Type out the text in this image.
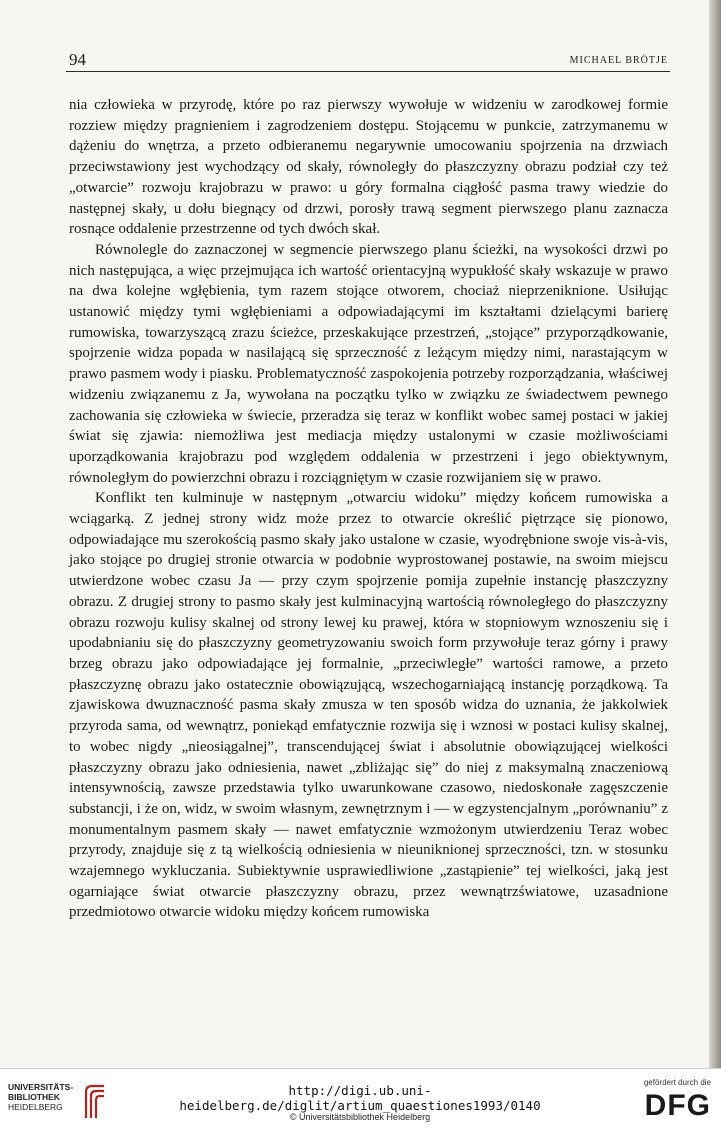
94	MICHAEL BRÖTJE

nia człowieka w przyrodę, które po raz pierwszy wywołuje w widzeniu w zarodkowej formie rozziew między pragnieniem i zagrodzeniem dostępu. Stojącemu w punkcie, zatrzymanemu w dążeniu do wnętrza, a przeto odbieranemu negarywnie umocowaniu spojrzenia na drzwiach przeciwstawiony jest wychodzący od skały, równoległy do płaszczyzny obrazu podział czy też „otwarcie” rozwoju krajobrazu w prawo: u góry formalna ciągłość pasma trawy wiedzie do następnej skały, u dołu biegnący od drzwi, porosły trawą segment pierwszego planu zaznacza rosnące oddalenie przestrzenne od tych dwóch skał.

Równolegle do zaznaczonej w segmencie pierwszego planu ścieżki, na wysokości drzwi po nich następująca, a więc przejmująca ich wartość orientacyjną wypukłość skały wskazuje w prawo na dwa kolejne wgłębienia, tym razem stojące otworem, chociaż nieprzeniknione. Usiłując ustanowić między tymi wgłębieniami a odpowiadającymi im kształtami dzielącymi barierę rumowiska, towarzyszącą zrazu ścieżce, przeskakujące przestrzeń, „stojące” przyporządkowanie, spojrzenie widza popada w nasilającą się sprzeczność z leżącym między nimi, narastającym w prawo pasmem wody i piasku. Problematyczność zaspokojenia potrzeby rozporządzania, właściwej widzeniu związanemu z Ja, wywołana na początku tylko w związku ze świadectwem pewnego zachowania się człowieka w świecie, przeradza się teraz w konflikt wobec samej postaci w jakiej świat się zjawia: niemożliwa jest mediacja między ustalonymi w czasie możliwościami uporządkowania krajobrazu pod względem oddalenia w przestrzeni i jego obiektywnym, równoległym do powierzchni obrazu i rozciągniętym w czasie rozwijaniem się w prawo.

Konflikt ten kulminuje w następnym „otwarciu widoku” między końcem rumowiska a wciągarką. Z jednej strony widz może przez to otwarcie określić piętrzące się pionowo, odpowiadające mu szerokością pasmo skały jako ustalone w czasie, wyodrębnione swoje vis-à-vis, jako stojące po drugiej stronie otwarcia w podobnie wyprostowanej postawie, na swoim miejscu utwierdzone wobec czasu Ja — przy czym spojrzenie pomija zupełnie instancję płaszczyzny obrazu. Z drugiej strony to pasmo skały jest kulminacyjną wartością równoległego do płaszczyzny obrazu rozwoju kulisy skalnej od strony lewej ku prawej, która w stopniowym wznoszeniu się i upodabnianiu się do płaszczyzny geometryzowaniu swoich form przywołuje teraz górny i prawy brzeg obrazu jako odpowiadające jej formalnie, „przeciwległe” wartości ramowe, a przeto płaszczyznę obrazu jako ostatecznie obowiązującą, wszechogarniającą instancję porządkową. Ta zjawiskowa dwuznaczność pasma skały zmusza w ten sposób widza do uznania, że jakkolwiek przyroda sama, od wewnątrz, poniekąd emfatycznie rozwija się i wznosi w postaci kulisy skalnej, to wobec nigdy „nieosiągalnej”, transcendującej świat i absolutnie obowiązującej wielkości płaszczyzny obrazu jako odniesienia, nawet „zbliżając się” do niej z maksymalną znaczeniową intensywnością, zawsze przedstawia tylko uwarunkowane czasowo, niedoskonałe zagęszczenie substancji, i że on, widz, w swoim własnym, zewnętrznym i — w egzystencjalnym „porównaniu” z monumentalnym pasmem skały — nawet emfatycznie wzmożonym utwierdzeniu Teraz wobec przyrody, znajduje się z tą wielkością odniesienia w nieuniknionej sprzeczności, tzn. w stosunku wzajemnego wykluczania. Subiektywnie usprawiedliwione „zastąpienie” tej wielkości, jaką jest ogarniające świat otwarcie płaszczyzny obrazu, przez wewnątrzświatowe, uzasadnione przedmiotowo otwarcie widoku między końcem rumowiska

UNIVERSITÄTS-
BIBLIOTHEK
HEIDELBERG
http://digi.ub.uni-heidelberg.de/diglit/artium_quaestiones1993/0140
© Universitätsbibliothek Heidelberg
gefördert durch die
DFG
